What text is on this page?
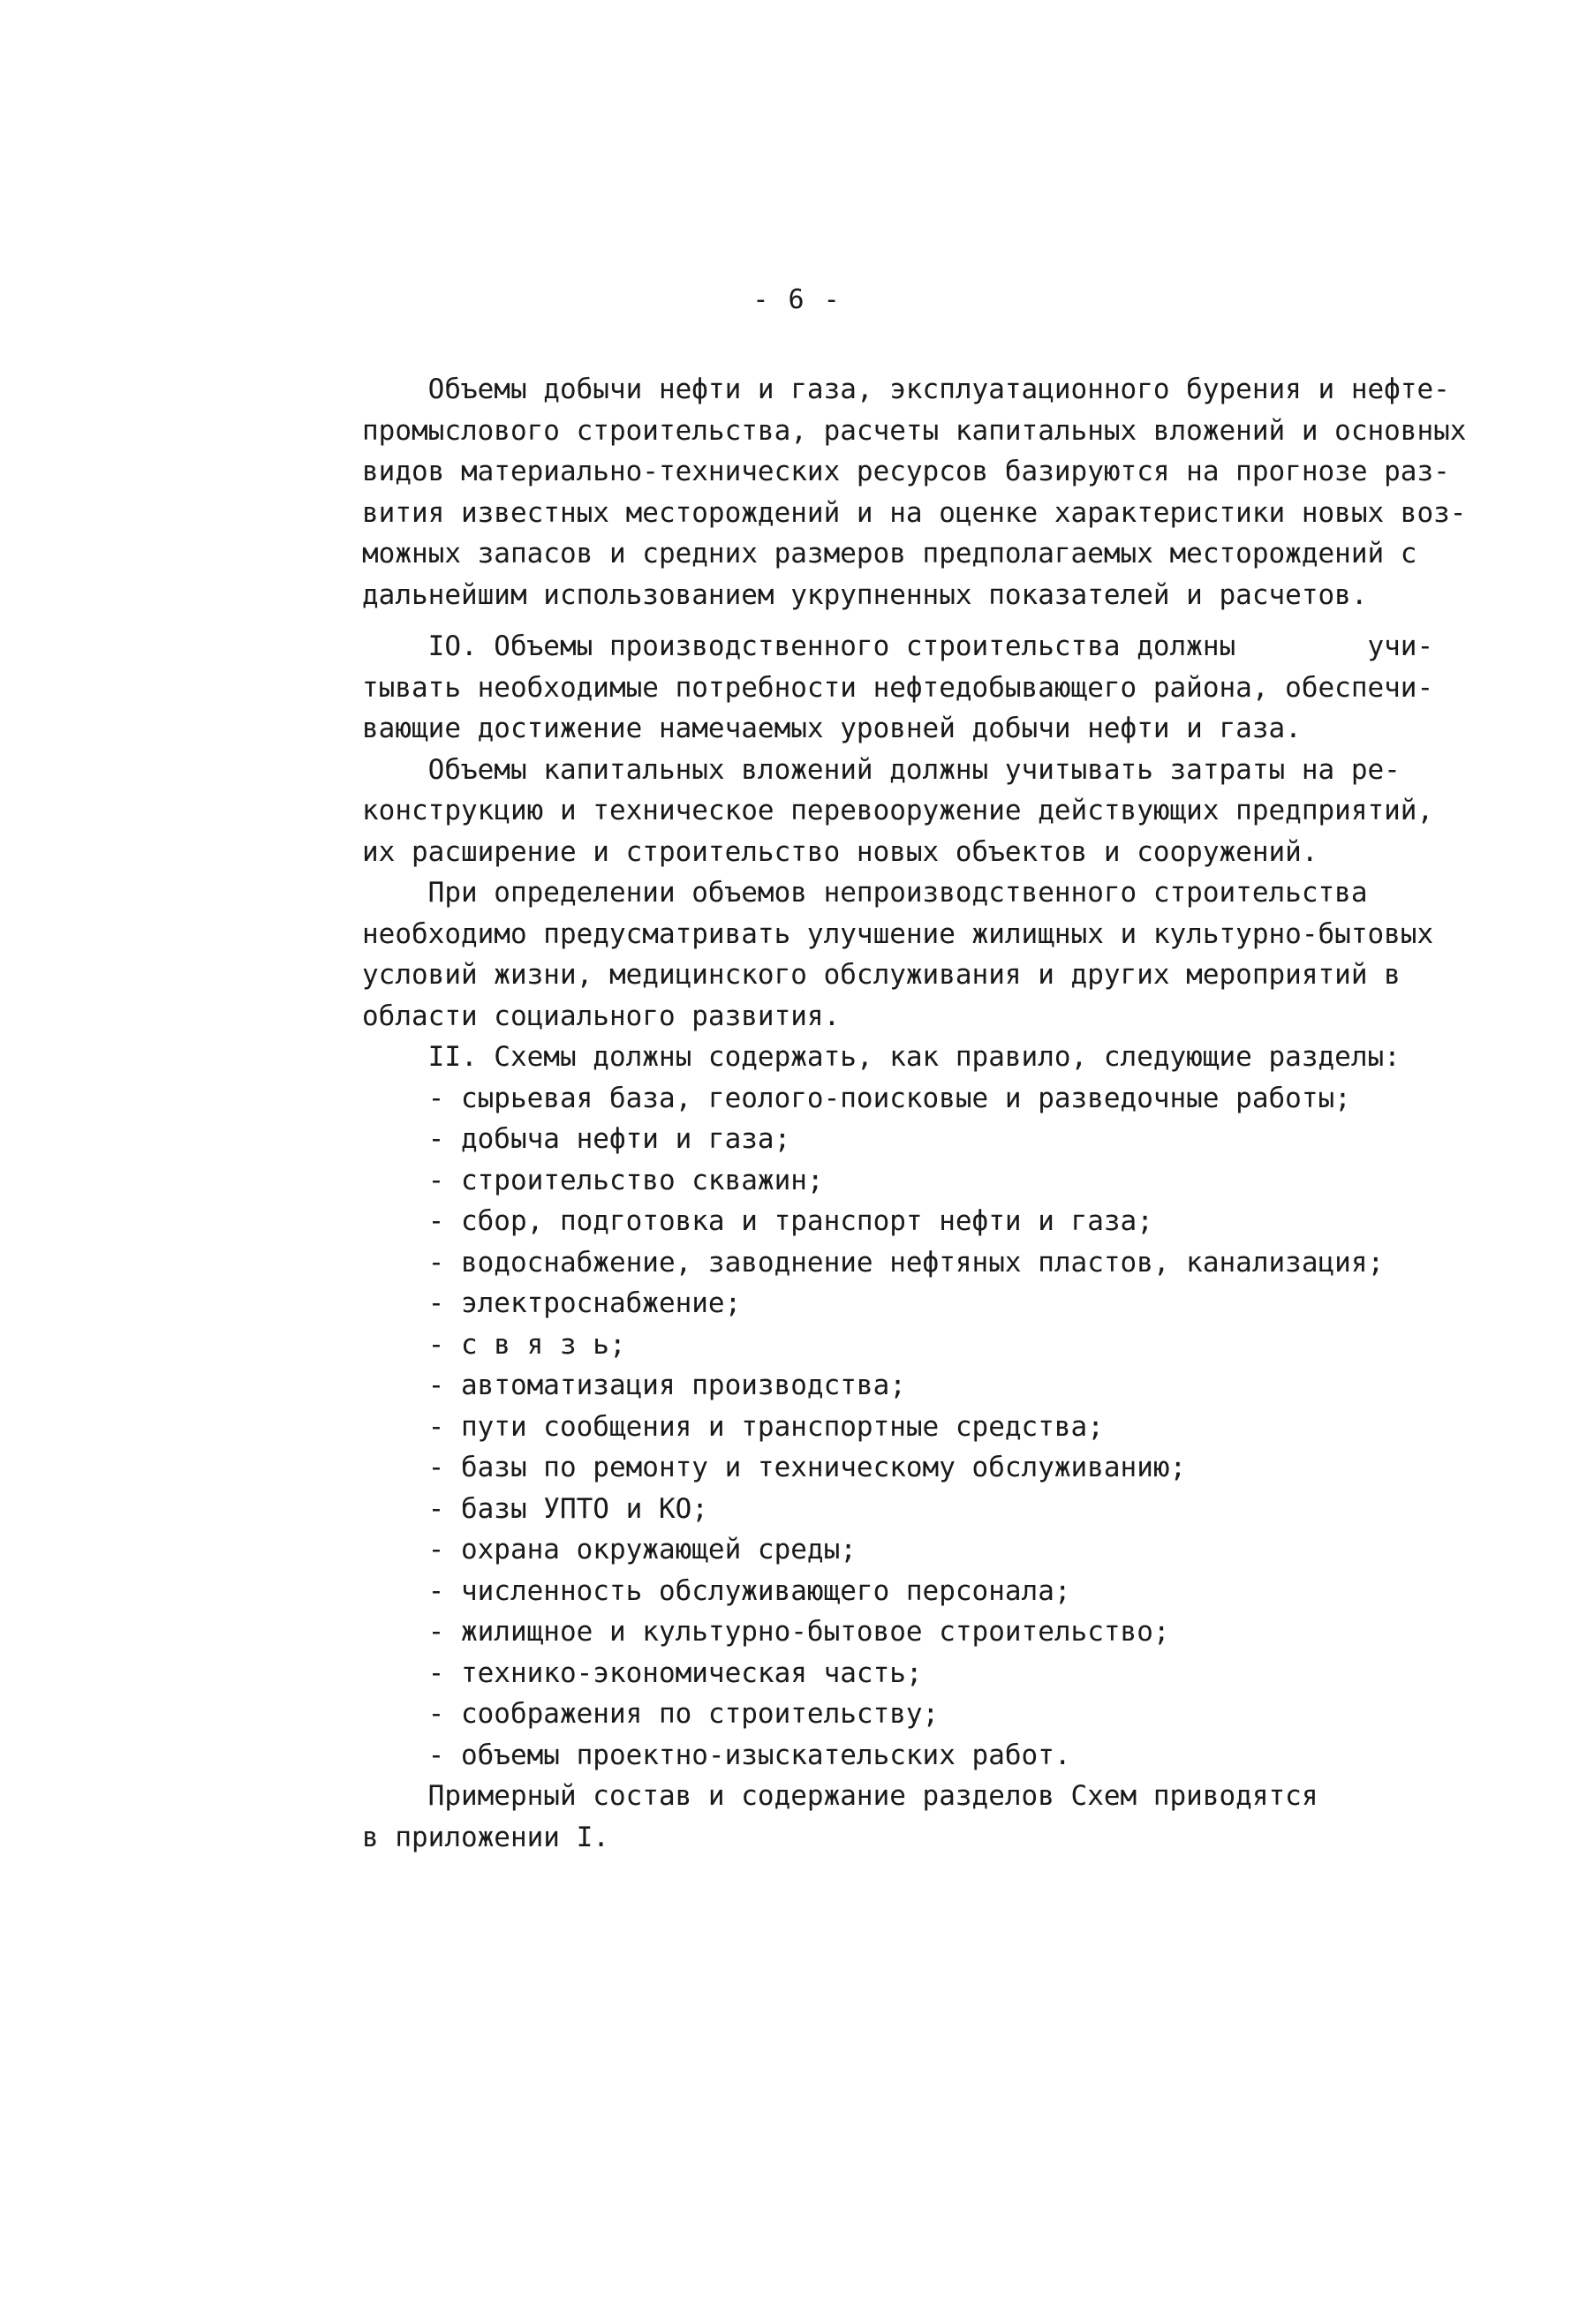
- 6 -
Объемы добычи нефти и газа, эксплуатационного бурения и нефте-
промыслового строительства, расчеты капитальных вложений и основных
видов материально-технических ресурсов базируются на прогнозе раз-
вития известных месторождений и на оценке характеристики новых воз-
можных запасов и средних размеров предполагаемых месторождений с
дальнейшим использованием укрупненных показателей и расчетов.
IO. Объемы производственного строительства должны        учи-
тывать необходимые потребности нефтедобывающего района, обеспечи-
вающие достижение намечаемых уровней добычи нефти и газа.
Объемы капитальных вложений должны учитывать затраты на ре-
конструкцию и техническое перевооружение действующих предприятий,
их расширение и строительство новых объектов и сооружений.
При определении объемов непроизводственного строительства
необходимо предусматривать улучшение жилищных и культурно-бытовых
условий жизни, медицинского обслуживания и других мероприятий в
области социального развития.
II. Схемы должны содержать, как правило, следующие разделы:
- сырьевая база, геолого-поисковые и разведочные работы;
- добыча нефти и газа;
- строительство скважин;
- сбор, подготовка и транспорт нефти и газа;
- водоснабжение, заводнение нефтяных пластов, канализация;
- электроснабжение;
- с в я з ь;
- автоматизация производства;
- пути сообщения и транспортные средства;
- базы по ремонту и техническому обслуживанию;
- базы УПТО и КО;
- охрана окружающей среды;
- численность обслуживающего персонала;
- жилищное и культурно-бытовое строительство;
- технико-экономическая часть;
- соображения по строительству;
- объемы проектно-изыскательских работ.
Примерный состав и содержание разделов Схем приводятся
в приложении I.
